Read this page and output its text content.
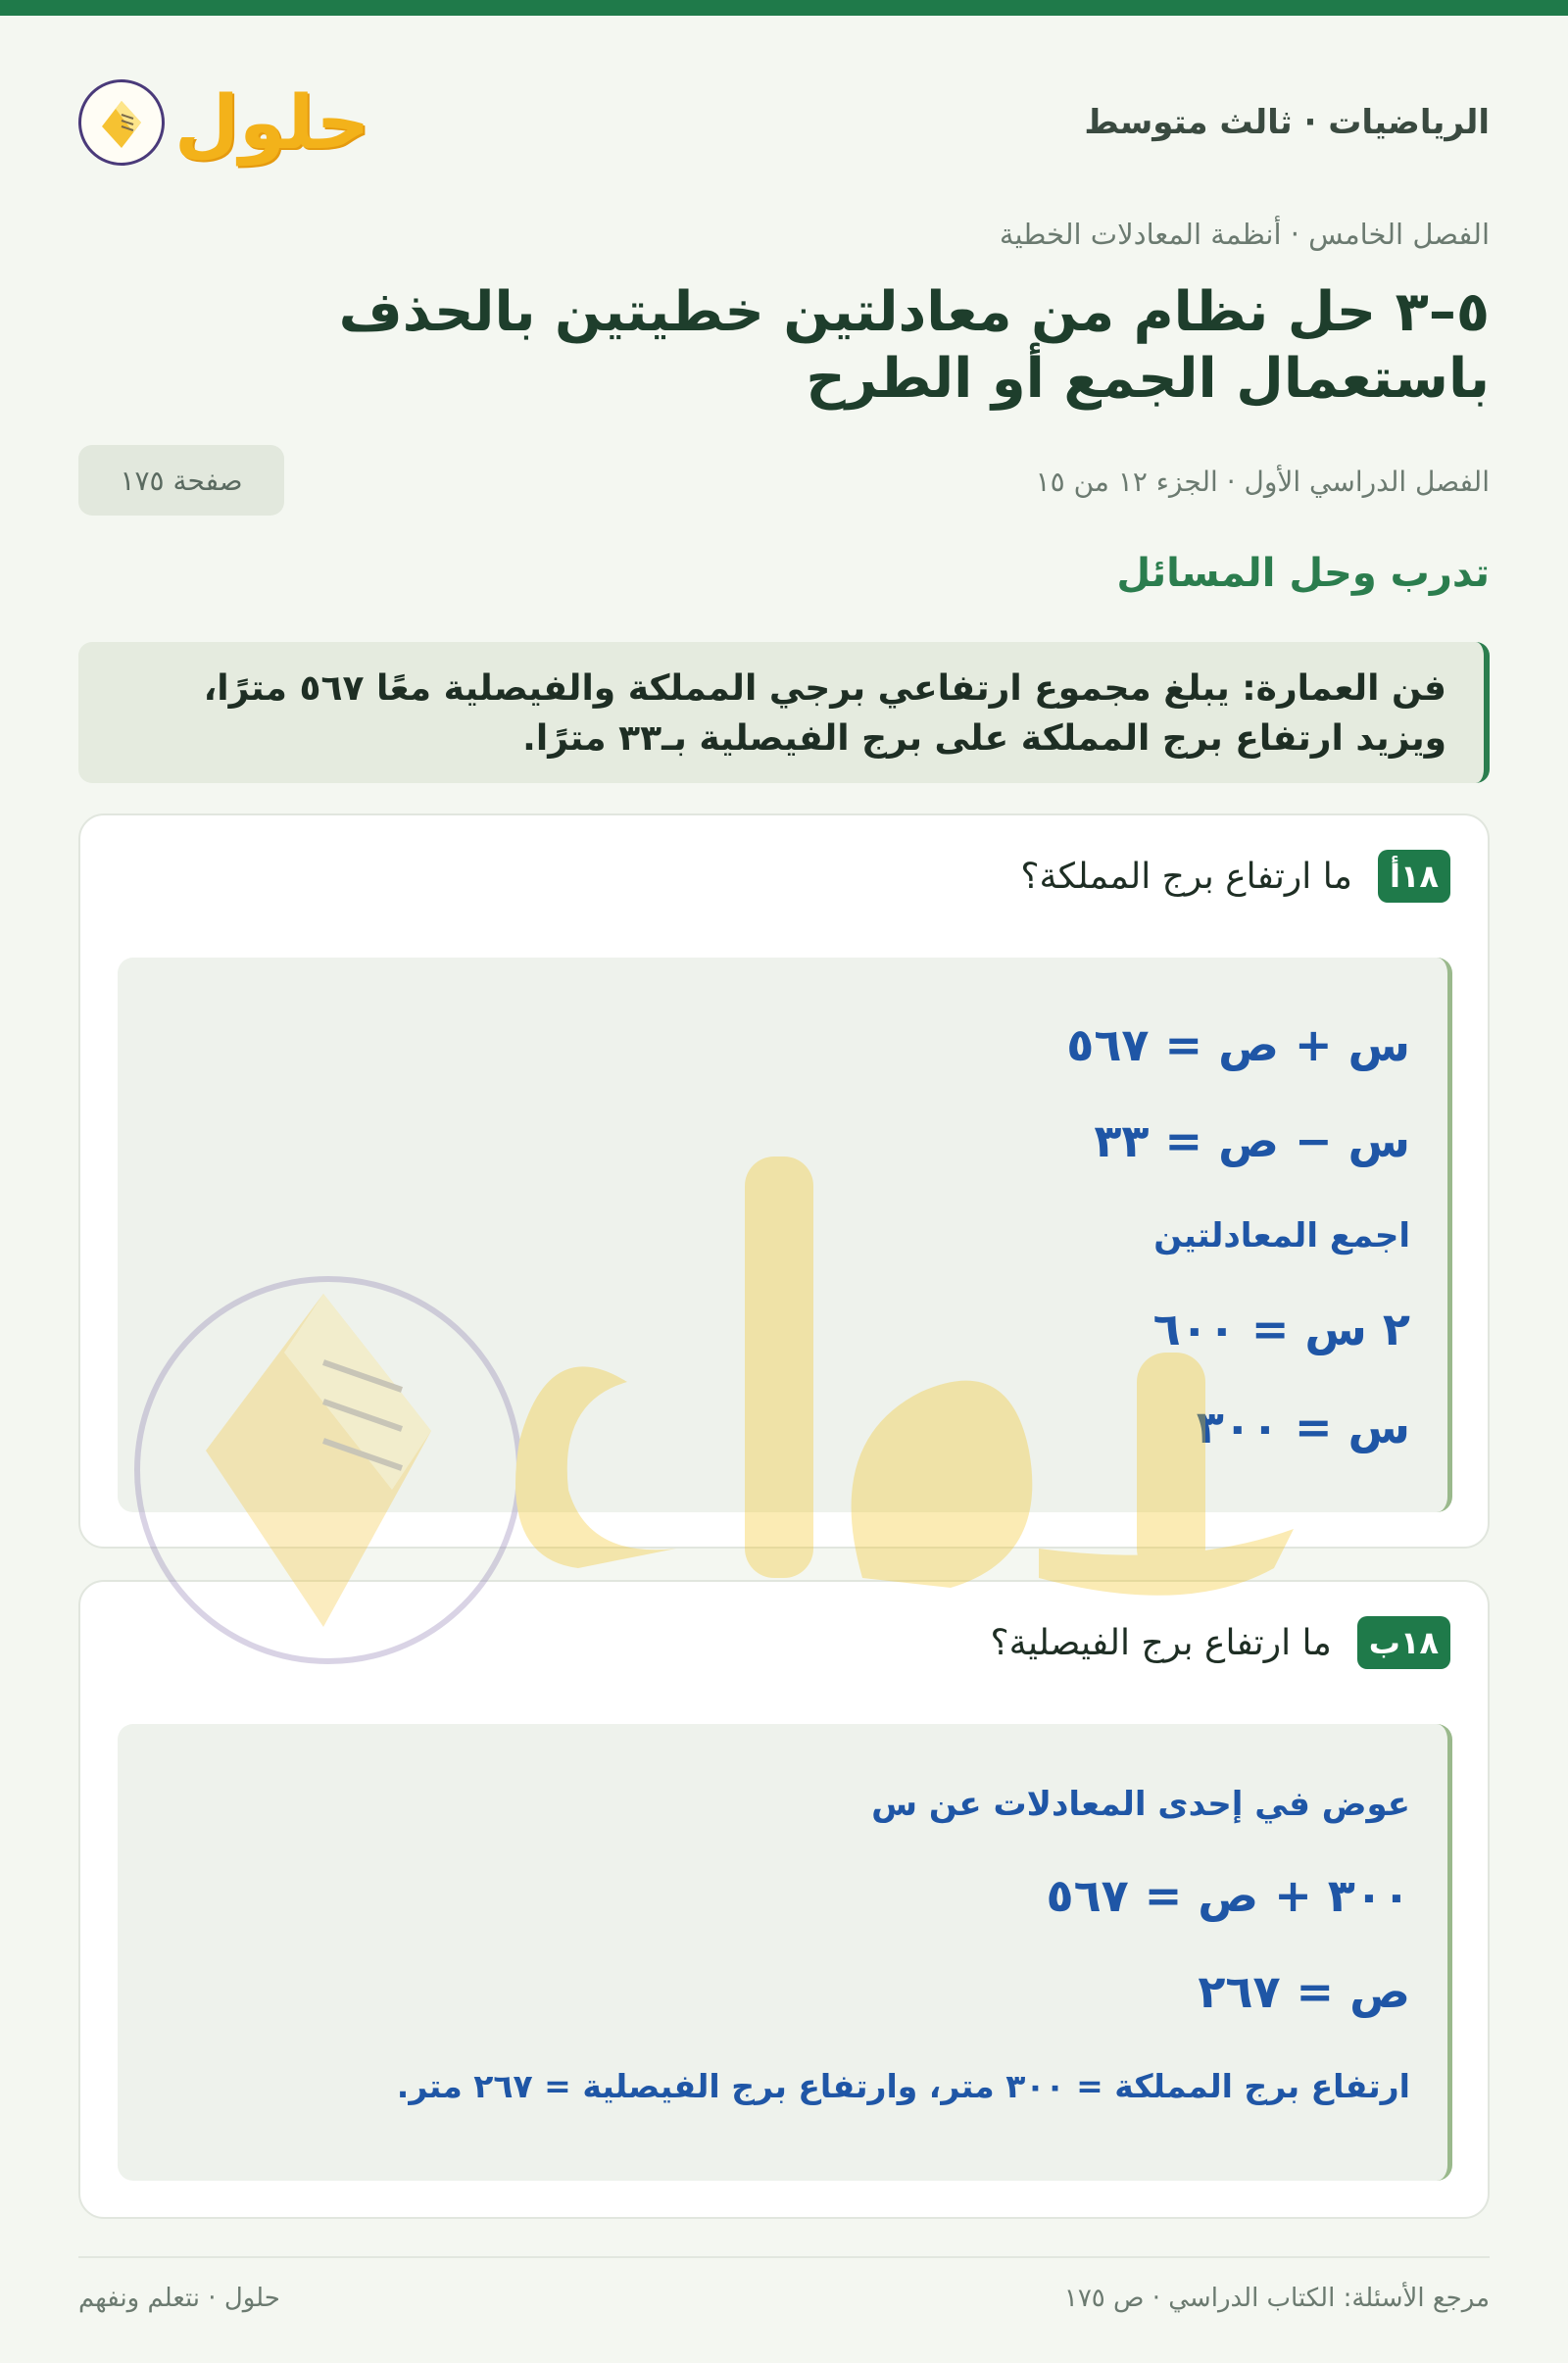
الرياضيات · ثالث متوسط
حلول
الفصل الخامس · أنظمة المعادلات الخطية
٥–٣ حل نظام من معادلتين خطيتين بالحذف باستعمال الجمع أو الطرح
الفصل الدراسي الأول · الجزء ١٢ من ١٥
صفحة ١٧٥
تدرب وحل المسائل
فن العمارة: يبلغ مجموع ارتفاعي برجي المملكة والفيصلية معًا ٥٦٧ مترًا، ويزيد ارتفاع برج المملكة على برج الفيصلية بـ٣٣ مترًا.
١٨أ
ما ارتفاع برج المملكة؟
س + ص = ٥٦٧
س − ص = ٣٣
اجمع المعادلتين
٢ س = ٦٠٠
س = ٣٠٠
١٨ب
ما ارتفاع برج الفيصلية؟
عوض في إحدى المعادلات عن س
٣٠٠ + ص = ٥٦٧
ص = ٢٦٧
ارتفاع برج المملكة = ٣٠٠ متر، وارتفاع برج الفيصلية = ٢٦٧ متر.
مرجع الأسئلة: الكتاب الدراسي · ص ١٧٥
حلول · نتعلم ونفهم
